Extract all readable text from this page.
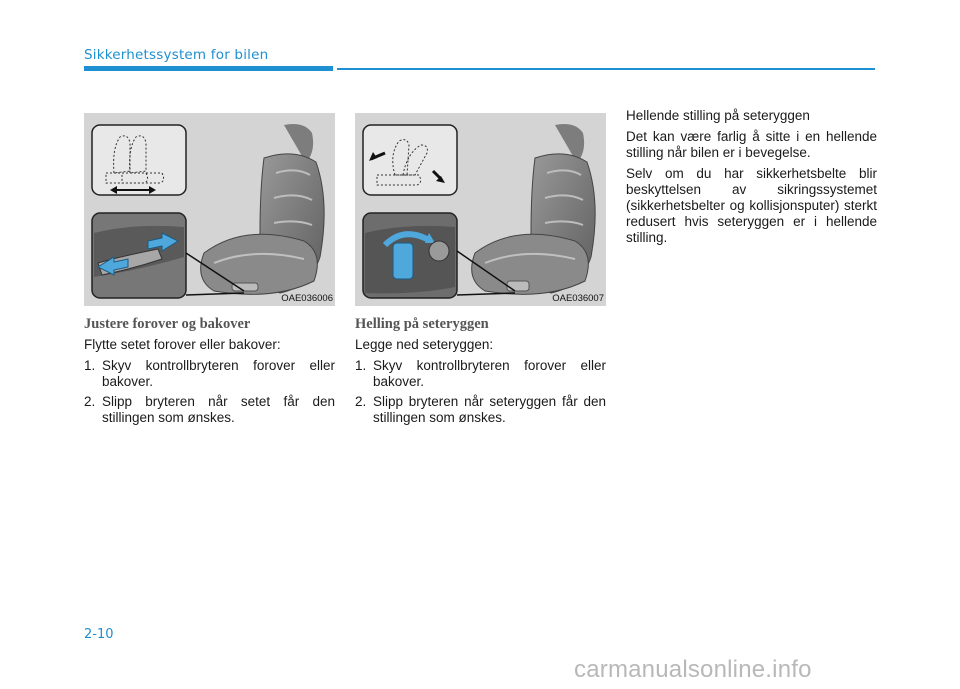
Sikkerhetssystem for bilen
OAE036006	OAE036007
Justere forover og bakover

Flytte setet forover eller bakover:

1. Skyv kontrollbryteren forover eller bakover.
2. Slipp bryteren når setet får den stillingen som ønskes.
Helling på seteryggen

Legge ned seteryggen:

1. Skyv kontrollbryteren forover eller bakover.
2. Slipp bryteren når seteryggen får den stillingen som ønskes.

Hellende stilling på seteryggen

Det kan være farlig å sitte i en hellende stilling når bilen er i bevegelse.

Selv om du har sikkerhetsbelte blir beskyttelsen av sikringssystemet (sikkerhetsbelter og kollisjonsputer) sterkt redusert hvis seteryggen er i hellende stilling.

2-10
carmanualsonline.info
